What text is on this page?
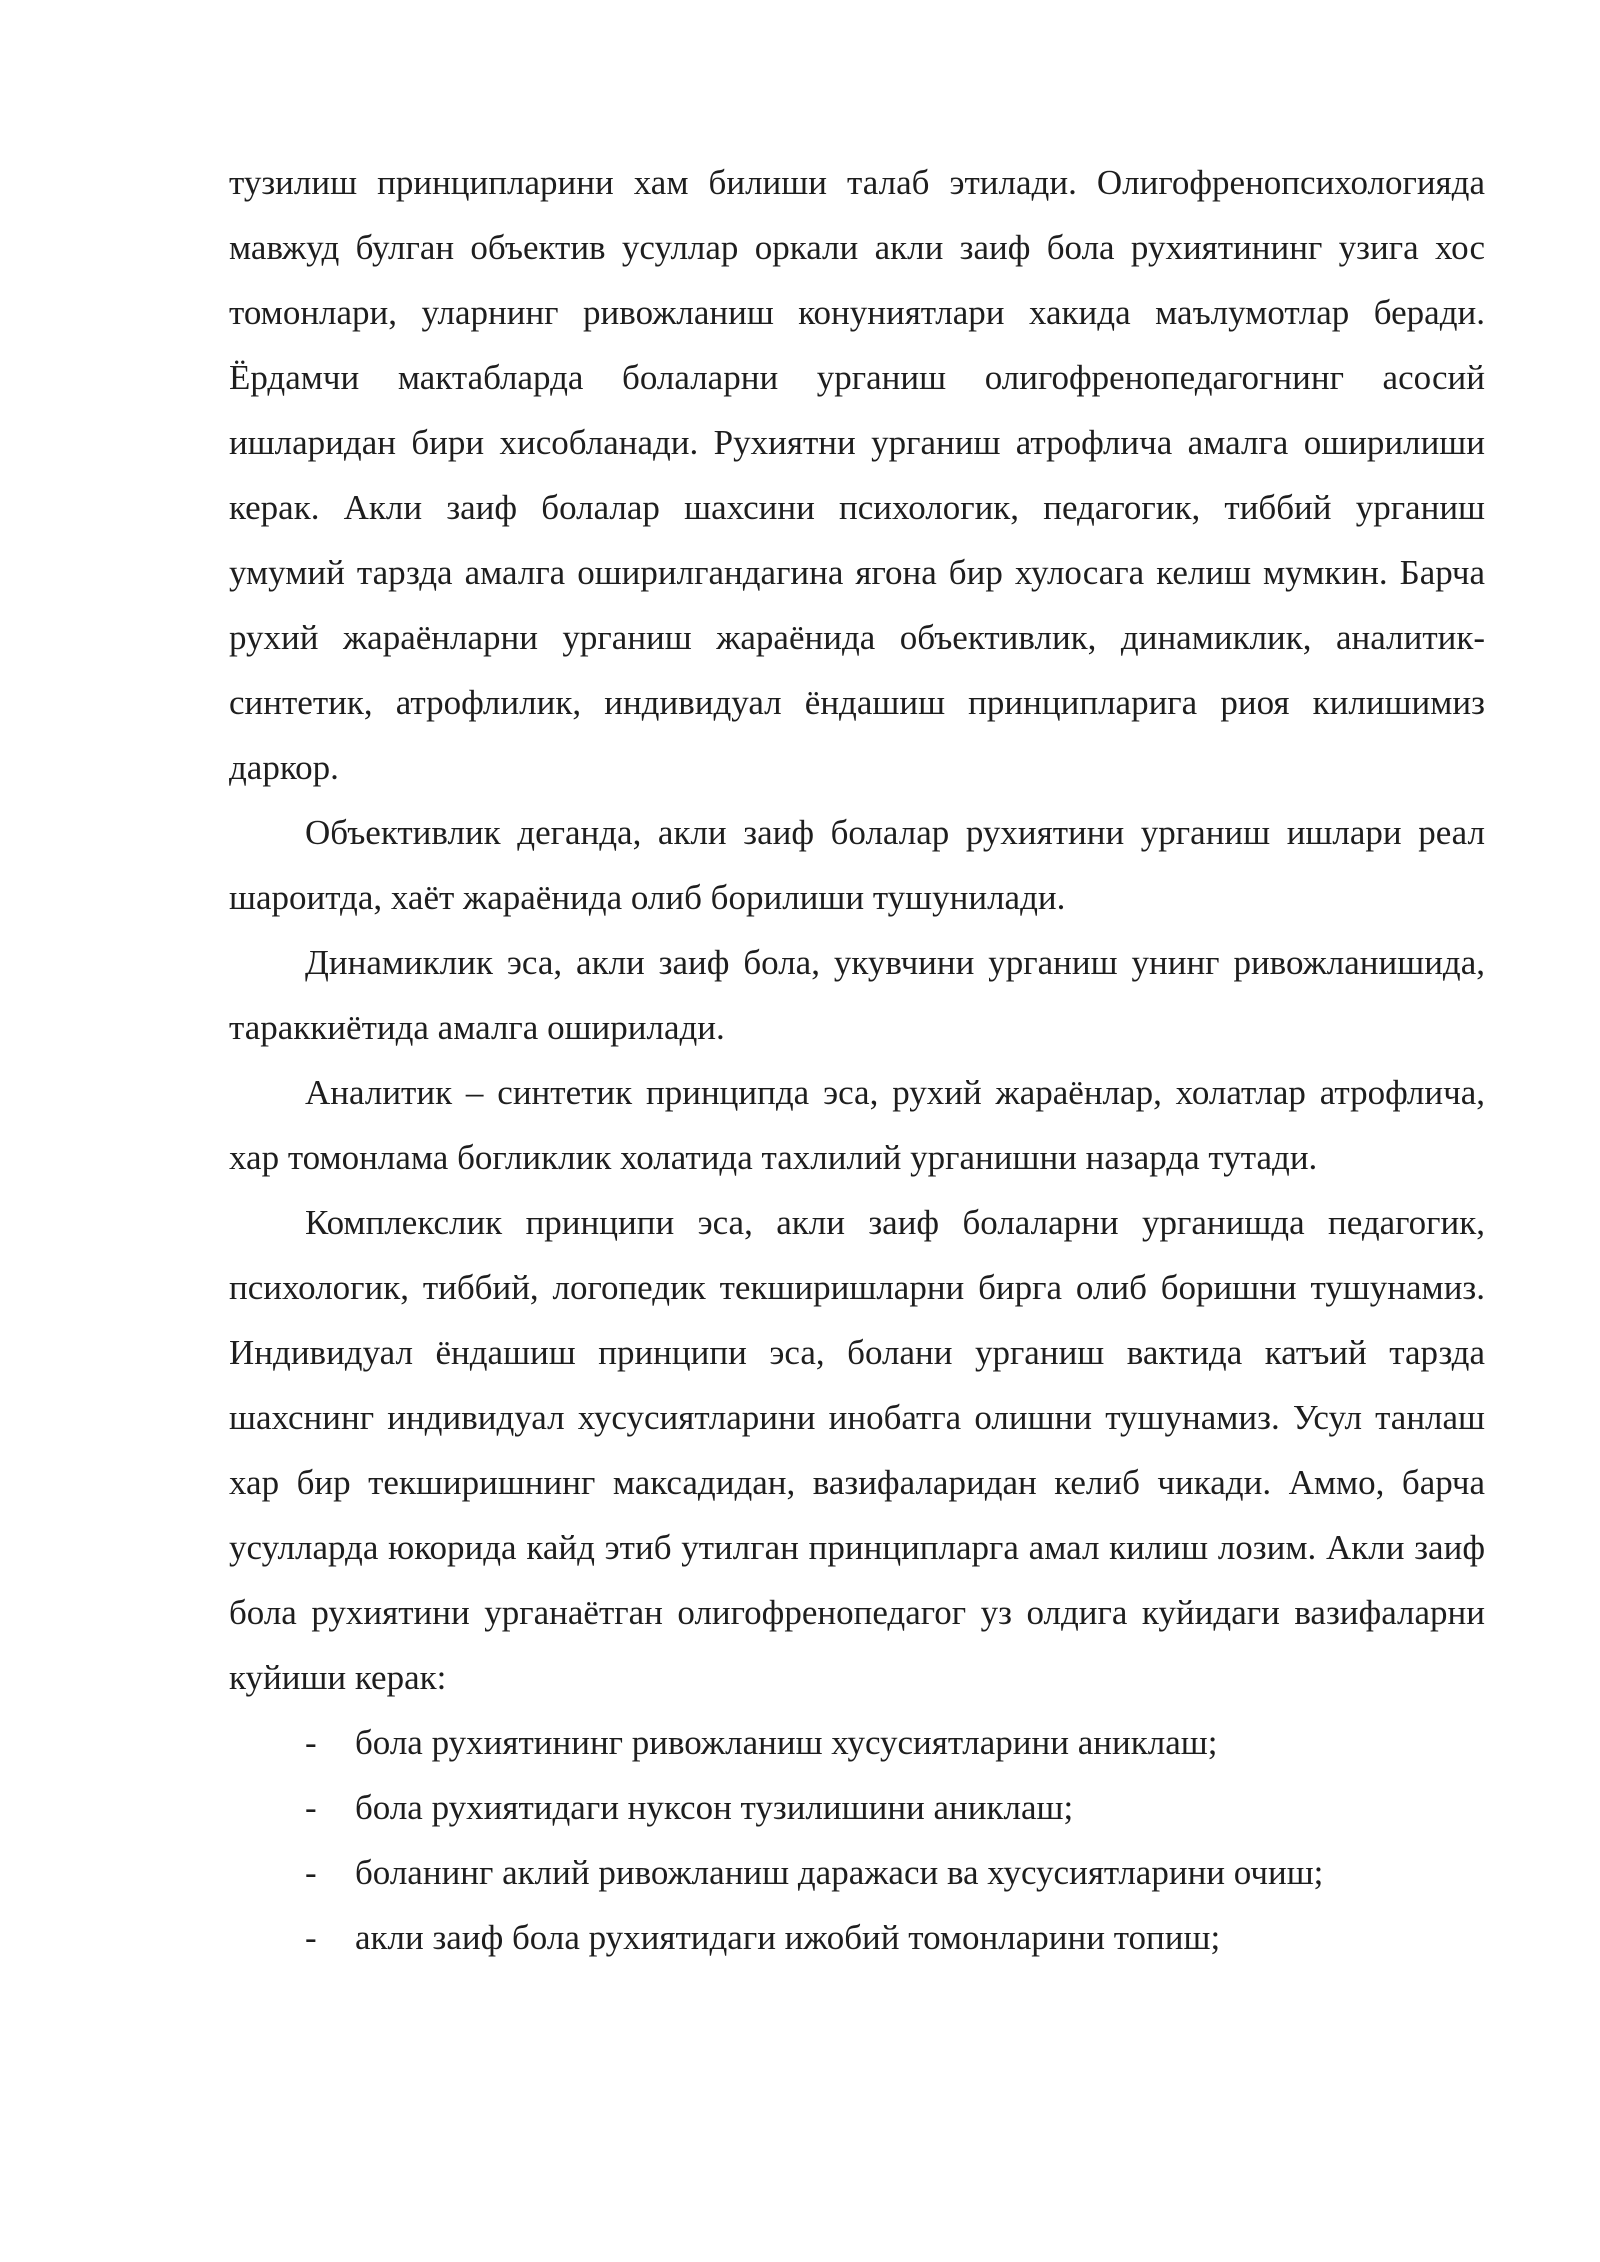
тузилиш принципларини хам билиши талаб этилади. Олигофренопсихологияда мавжуд булган объектив усуллар оркали акли заиф бола рухиятининг узига хос томонлари, уларнинг ривожланиш конуниятлари хакида маълумотлар беради. Ёрдамчи мактабларда болаларни урганиш олигофренопедагогнинг асосий ишларидан бири хисобланади. Рухиятни урганиш атрофлича амалга оширилиши керак. Акли заиф болалар шахсини психологик, педагогик, тиббий урганиш умумий тарзда амалга оширилгандагина ягона бир хулосага келиш мумкин. Барча рухий жараёнларни урганиш жараёнида объективлик, динамиклик, аналитик- синтетик, атрофлилик, индивидуал ёндашиш принципларига риоя килишимиз даркор.

Объективлик деганда, акли заиф болалар рухиятини урганиш ишлари реал шароитда, хаёт жараёнида олиб борилиши тушунилади.

Динамиклик эса, акли заиф бола, укувчини урганиш унинг ривожланишида, тараккиётида амалга оширилади.

Аналитик – синтетик принципда эса, рухий жараёнлар, холатлар атрофлича, хар томонлама богликлик холатида тахлилий урганишни назарда тутади.

Комплекслик принципи эса, акли заиф болаларни урганишда педагогик, психологик, тиббий, логопедик текширишларни бирга олиб боришни тушунамиз. Индивидуал ёндашиш принципи эса, болани урганиш вактида катъий тарзда шахснинг индивидуал хусусиятларини инобатга олишни тушунамиз. Усул танлаш хар бир текширишнинг максадидан, вазифаларидан келиб чикади. Аммо, барча усулларда юкорида кайд этиб утилган принципларга амал килиш лозим. Акли заиф бола рухиятини урганаётган олигофренопедагог уз олдига куйидаги вазифаларни куйиши керак:

- бола рухиятининг ривожланиш хусусиятларини аниклаш;
- бола рухиятидаги нуксон тузилишини аниклаш;
- боланинг аклий ривожланиш даражаси ва хусусиятларини очиш;
- акли заиф бола рухиятидаги ижобий томонларини топиш;
